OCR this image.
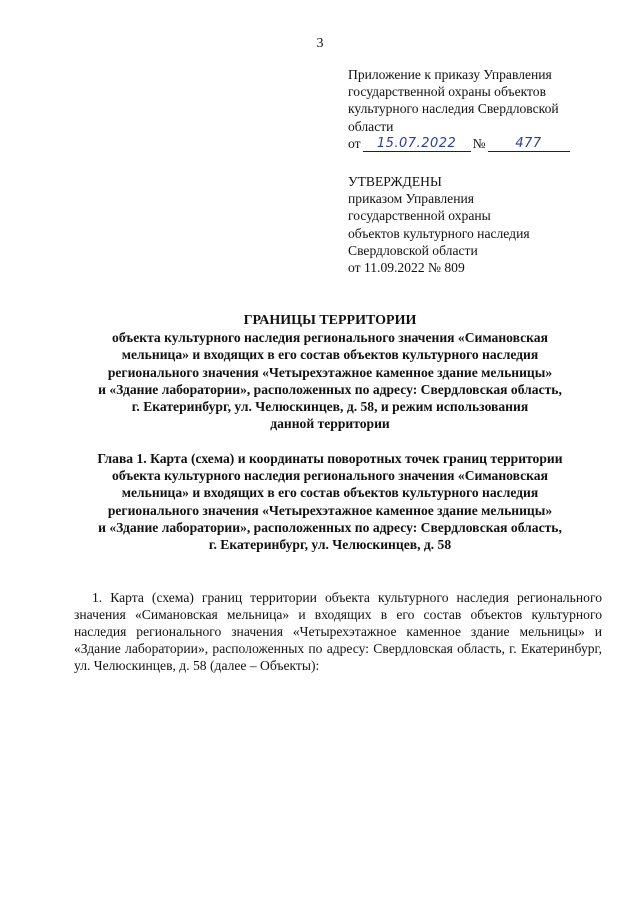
3
Приложение к приказу Управления
государственной охраны объектов
культурного наследия Свердловской
области
от	15.07.2022	№	477
УТВЕРЖДЕНЫ
приказом Управления
государственной охраны
объектов культурного наследия
Свердловской области
от 11.09.2022 № 809
ГРАНИЦЫ ТЕРРИТОРИИ
объекта культурного наследия регионального значения «Симановская
мельница» и входящих в его состав объектов культурного наследия
регионального значения «Четырехэтажное каменное здание мельницы»
и «Здание лаборатории», расположенных по адресу: Свердловская область,
г. Екатеринбург, ул. Челюскинцев, д. 58, и режим использования
данной территории
Глава 1. Карта (схема) и координаты поворотных точек границ территории
объекта культурного наследия регионального значения «Симановская
мельница» и входящих в его состав объектов культурного наследия
регионального значения «Четырехэтажное каменное здание мельницы»
и «Здание лаборатории», расположенных по адресу: Свердловская область,
г. Екатеринбург, ул. Челюскинцев, д. 58

1. Карта (схема) границ территории объекта культурного наследия регионального значения «Симановская мельница» и входящих в его состав объектов культурного наследия регионального значения «Четырехэтажное каменное здание мельницы» и «Здание лаборатории», расположенных по адресу: Свердловская область, г. Екатеринбург, ул. Челюскинцев, д. 58 (далее – Объекты):
